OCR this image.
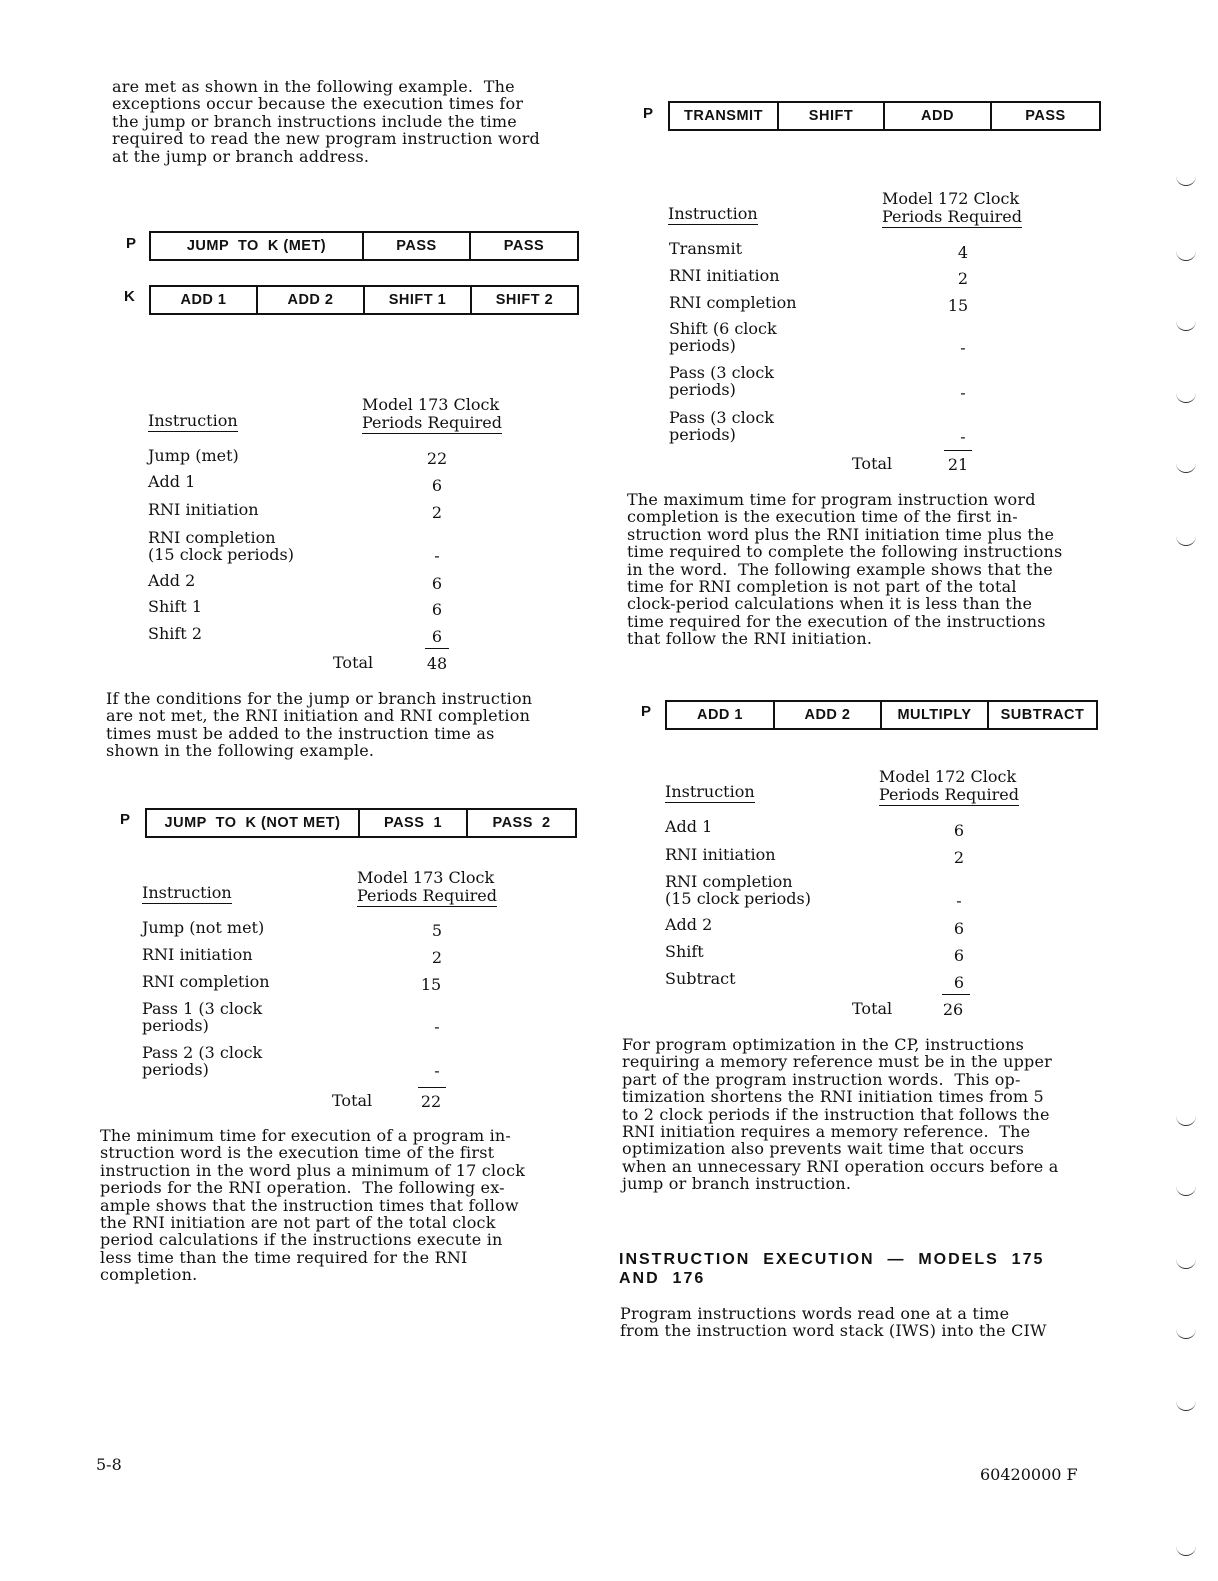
are met as shown in the following example.  The
exceptions occur because the execution times for
the jump or branch instructions include the time
required to read the new program instruction word
at the jump or branch address.
P	JUMP  TO  K (MET)	PASS	PASS
K	ADD 1	ADD 2	SHIFT 1	SHIFT 2
Instruction
Model 173 Clock
Periods Required
Jump (met)	22
Add 1	6
RNI initiation	2
RNI completion
(15 clock periods)	-
Add 2	6
Shift 1	6
Shift 2	6
Total	48
If the conditions for the jump or branch instruction
are not met, the RNI initiation and RNI completion
times must be added to the instruction time as
shown in the following example.
P	JUMP  TO  K (NOT MET)	PASS  1	PASS  2
Instruction
Model 173 Clock
Periods Required
Jump (not met)	5
RNI initiation	2
RNI completion	15
Pass 1 (3 clock
periods)	-
Pass 2 (3 clock
periods)	-
Total	22
The minimum time for execution of a program in-
struction word is the execution time of the first
instruction in the word plus a minimum of 17 clock
periods for the RNI operation.  The following ex-
ample shows that the instruction times that follow
the RNI initiation are not part of the total clock
period calculations if the instructions execute in
less time than the time required for the RNI
completion.
P	TRANSMIT	SHIFT	ADD	PASS
Instruction
Model 172 Clock
Periods Required
Transmit	4
RNI initiation	2
RNI completion	15
Shift (6 clock
periods)	-
Pass (3 clock
periods)	-
Pass (3 clock
periods)	-
Total	21
The maximum time for program instruction word
completion is the execution time of the first in-
struction word plus the RNI initiation time plus the
time required to complete the following instructions
in the word.  The following example shows that the
time for RNI completion is not part of the total
clock-period calculations when it is less than the
time required for the execution of the instructions
that follow the RNI initiation.
P	ADD 1	ADD 2	MULTIPLY	SUBTRACT
Instruction
Model 172 Clock
Periods Required
Add 1	6
RNI initiation	2
RNI completion
(15 clock periods)	-
Add 2	6
Shift	6
Subtract	6
Total	26
For program optimization in the CP, instructions
requiring a memory reference must be in the upper
part of the program instruction words.  This op-
timization shortens the RNI initiation times from 5
to 2 clock periods if the instruction that follows the
RNI initiation requires a memory reference.  The
optimization also prevents wait time that occurs
when an unnecessary RNI operation occurs before a
jump or branch instruction.
INSTRUCTION  EXECUTION  —  MODELS  175
AND  176
Program instructions words read one at a time
from the instruction word stack (IWS) into the CIW
5-8
60420000 F
